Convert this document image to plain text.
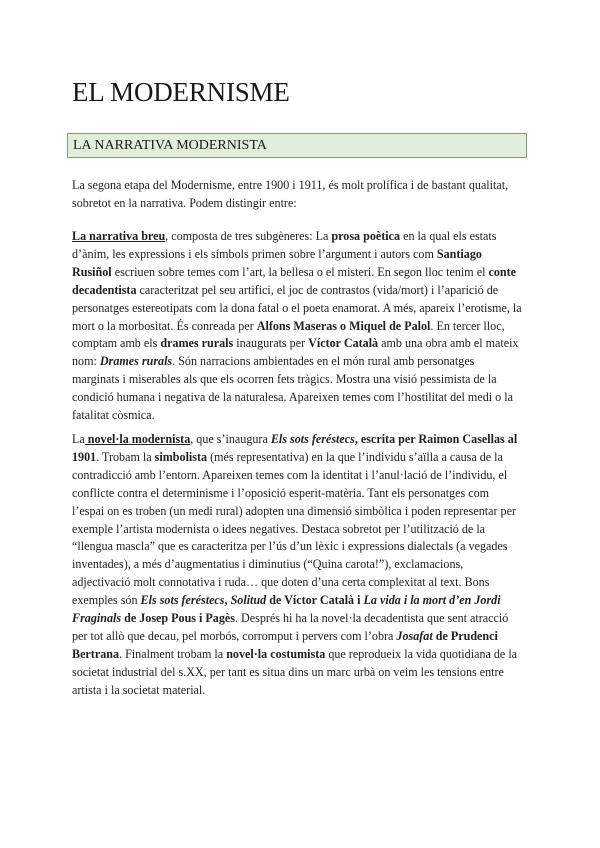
EL MODERNISME
LA NARRATIVA MODERNISTA

La segona etapa del Modernisme, entre 1900 i 1911, és molt prolífica i de bastant qualitat, sobretot en la narrativa. Podem distingir entre:

La narrativa breu, composta de tres subgèneres: La prosa poètica en la qual els estats d’ànim, les expressions i els símbols primen sobre l’argument i autors com Santiago Rusiñol escriuen sobre temes com l’art, la bellesa o el misteri. En segon lloc tenim el conte decadentista caracteritzat pel seu artifici, el joc de contrastos (vida/mort) i l’aparició de personatges estereotipats com la dona fatal o el poeta enamorat. A més, apareix l’erotisme, la mort o la morbositat. És conreada per Alfons Maseras o Miquel de Palol. En tercer lloc, comptam amb els drames rurals inaugurats per Víctor Català amb una obra amb el mateix nom: Drames rurals. Són narracions ambientades en el món rural amb personatges marginats i miserables als que els ocorren fets tràgics. Mostra una visió pessimista de la condició humana i negativa de la naturalesa. Apareixen temes com l’hostilitat del medi o la fatalitat còsmica.

La novel·la modernista, que s’inaugura Els sots feréstecs, escrita per Raimon Casellas al 1901. Trobam la simbolista (més representativa) en la que l’individu s’aïlla a causa de la contradicció amb l’entorn. Apareixen temes com la identitat i l’anul·lació de l’individu, el conflicte contra el determinisme i l’oposició esperit-matèria. Tant els personatges com l’espai on es troben (un medi rural) adopten una dimensió simbòlica i poden representar per exemple l’artista modernista o idees negatives. Destaca sobretot per l’utilització de la “llengua mascla” que es caracteritza per l’ús d’un lèxic i expressions dialectals (a vegades inventades), a més d’augmentatius i diminutius (“Quina carota!”), exclamacions, adjectivació molt connotativa i ruda… que doten d’una certa complexitat al text. Bons exemples són Els sots feréstecs, Solitud de Víctor Català i La vida i la mort d’en Jordi Fraginals de Josep Pous i Pagès. Després hi ha la novel·la decadentista que sent atracció per tot allò que decau, pel morbós, corromput i pervers com l’obra Josafat de Prudenci Bertrana. Finalment trobam la novel·la costumista que reprodueix la vida quotidiana de la societat industrial del s.XX, per tant es situa dins un marc urbà on veim les tensions entre artista i la societat material.
